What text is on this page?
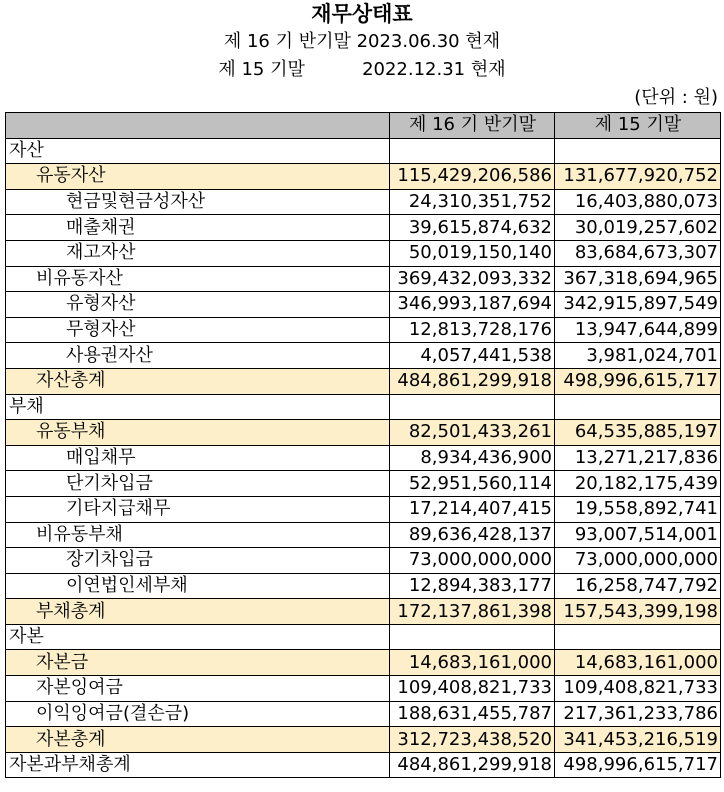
재무상태표
제 16 기 반기말 2023.06.30 현재
제 15 기말          2022.12.31 현재
(단위 : 원)
	제 16 기 반기말	제 15 기말
자산		
유동자산	115,429,206,586	131,677,920,752
현금및현금성자산	24,310,351,752	16,403,880,073
매출채권	39,615,874,632	30,019,257,602
재고자산	50,019,150,140	83,684,673,307
비유동자산	369,432,093,332	367,318,694,965
유형자산	346,993,187,694	342,915,897,549
무형자산	12,813,728,176	13,947,644,899
사용권자산	4,057,441,538	3,981,024,701
자산총계	484,861,299,918	498,996,615,717
부채		
유동부채	82,501,433,261	64,535,885,197
매입채무	8,934,436,900	13,271,217,836
단기차입금	52,951,560,114	20,182,175,439
기타지급채무	17,214,407,415	19,558,892,741
비유동부채	89,636,428,137	93,007,514,001
장기차입금	73,000,000,000	73,000,000,000
이연법인세부채	12,894,383,177	16,258,747,792
부채총계	172,137,861,398	157,543,399,198
자본		
자본금	14,683,161,000	14,683,161,000
자본잉여금	109,408,821,733	109,408,821,733
이익잉여금(결손금)	188,631,455,787	217,361,233,786
자본총계	312,723,438,520	341,453,216,519
자본과부채총계	484,861,299,918	498,996,615,717
